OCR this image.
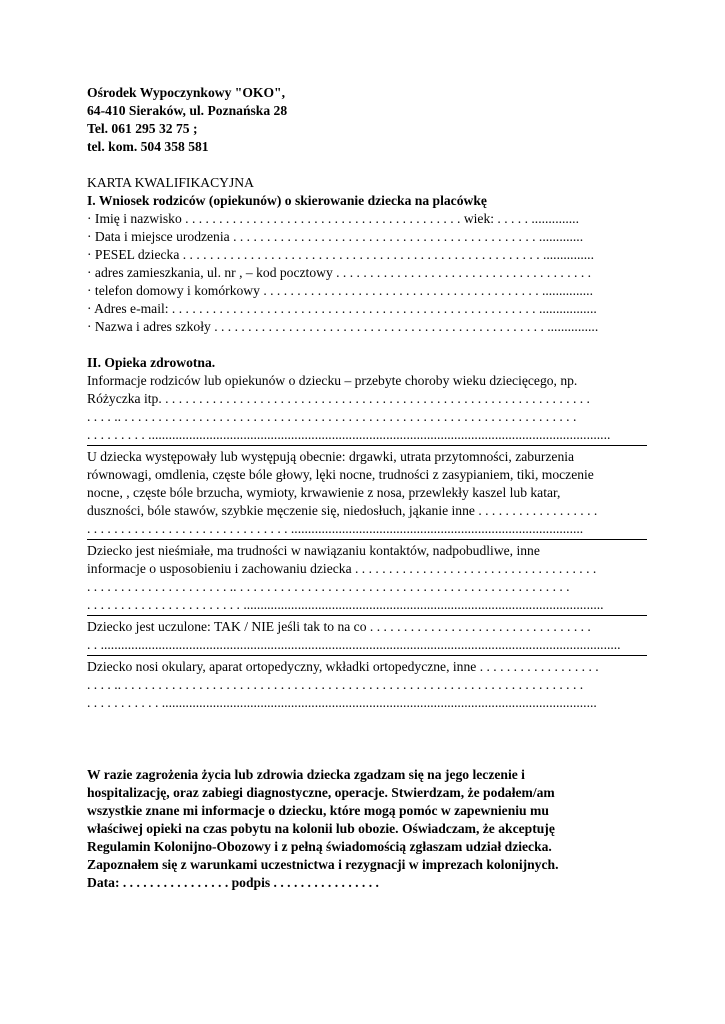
Ośrodek Wypoczynkowy "OKO",
64-410 Sieraków, ul. Poznańska 28
Tel. 061 295 32 75 ;
tel. kom. 504 358 581
KARTA KWALIFIKACYJNA
I. Wniosek rodziców (opiekunów) o skierowanie dziecka na placówkę
· Imię i nazwisko . . . . . . . . . . . . . . . . . . . . . . . . . . . . . . . . . . . . . . . . . wiek: . . . . . ..............
· Data i miejsce urodzenia . . . . . . . . . . . . . . . . . . . . . . . . . . . . . . . . . . . . . . . . . . . . . .............
· PESEL dziecka . . . . . . . . . . . . . . . . . . . . . . . . . . . . . . . . . . . . . . . . . . . . . . . . . . . . . ...............
· adres zamieszkania, ul. nr , – kod pocztowy . . . . . . . . . . . . . . . . . . . . . . . . . . . . . . . . . . . . . .
· telefon domowy i komórkowy . . . . . . . . . . . . . . . . . . . . . . . . . . . . . . . . . . . . . . . . . ...............
· Adres e-mail: . . . . . . . . . . . . . . . . . . . . . . . . . . . . . . . . . . . . . . . . . . . . . . . . . . . . . . .................
· Nazwa i adres szkoły . . . . . . . . . . . . . . . . . . . . . . . . . . . . . . . . . . . . . . . . . . . . . . . . . ...............
II. Opieka zdrowotna.
Informacje rodziców lub opiekunów o dziecku – przebyte choroby wieku dziecięcego, np.
Różyczka itp. . . . . . . . . . . . . . . . . . . . . . . . . . . . . . . . . . . . . . . . . . . . . . . . . . . . . . . . . . . . . . . .
. . . . .. . . . . . . . . . . . . . . . . . . . . . . . . . . . . . . . . . . . . . . . . . . . . . . . . . . . . . . . . . . . . . . . . . . .
. . . . . . . . . ........................................................................................................................................
U dziecka występowały lub występują obecnie: drgawki, utrata przytomności, zaburzenia
równowagi, omdlenia, częste bóle głowy, lęki nocne, trudności z zasypianiem, tiki, moczenie
nocne, , częste bóle brzucha, wymioty, krwawienie z nosa, przewlekły kaszel lub katar,
duszności, bóle stawów, szybkie męczenie się, niedosłuch, jąkanie inne . . . . . . . . . . . . . . . . . .
. . . . . . . . . . . . . . . . . . . . . . . . . . . . . . ......................................................................................
Dziecko jest nieśmiałe, ma trudności w nawiązaniu kontaktów, nadpobudliwe, inne
informacje o usposobieniu i zachowaniu dziecka . . . . . . . . . . . . . . . . . . . . . . . . . . . . . . . . . . . .
. . . . . . . . . . . . . . . . . . . . . .. . . . . . . . . . . . . . . . . . . . . . . . . . . . . . . . . . . . . . . . . . . . . . . . . .
. . . . . . . . . . . . . . . . . . . . . . . ..........................................................................................................
Dziecko jest uczulone: TAK / NIE jeśli tak to na co . . . . . . . . . . . . . . . . . . . . . . . . . . . . . . . . .
. . .........................................................................................................................................................
Dziecko nosi okulary, aparat ortopedyczny, wkładki ortopedyczne, inne . . . . . . . . . . . . . . . . . .
. . . . .. . . . . . . . . . . . . . . . . . . . . . . . . . . . . . . . . . . . . . . . . . . . . . . . . . . . . . . . . . . . . . . . . . . . .
. . . . . . . . . . . ................................................................................................................................
W razie zagrożenia życia lub zdrowia dziecka zgadzam się na jego leczenie i
hospitalizację, oraz zabiegi diagnostyczne, operacje. Stwierdzam, że podałem/am
wszystkie znane mi informacje o dziecku, które mogą pomóc w zapewnieniu mu
właściwej opieki na czas pobytu na kolonii lub obozie. Oświadczam, że akceptuję
Regulamin Kolonijno-Obozowy i z pełną świadomością zgłaszam udział dziecka.
Zapoznałem się z warunkami uczestnictwa i rezygnacji w imprezach kolonijnych.
Data: . . . . . . . . . . . . . . . . podpis . . . . . . . . . . . . . . . .
